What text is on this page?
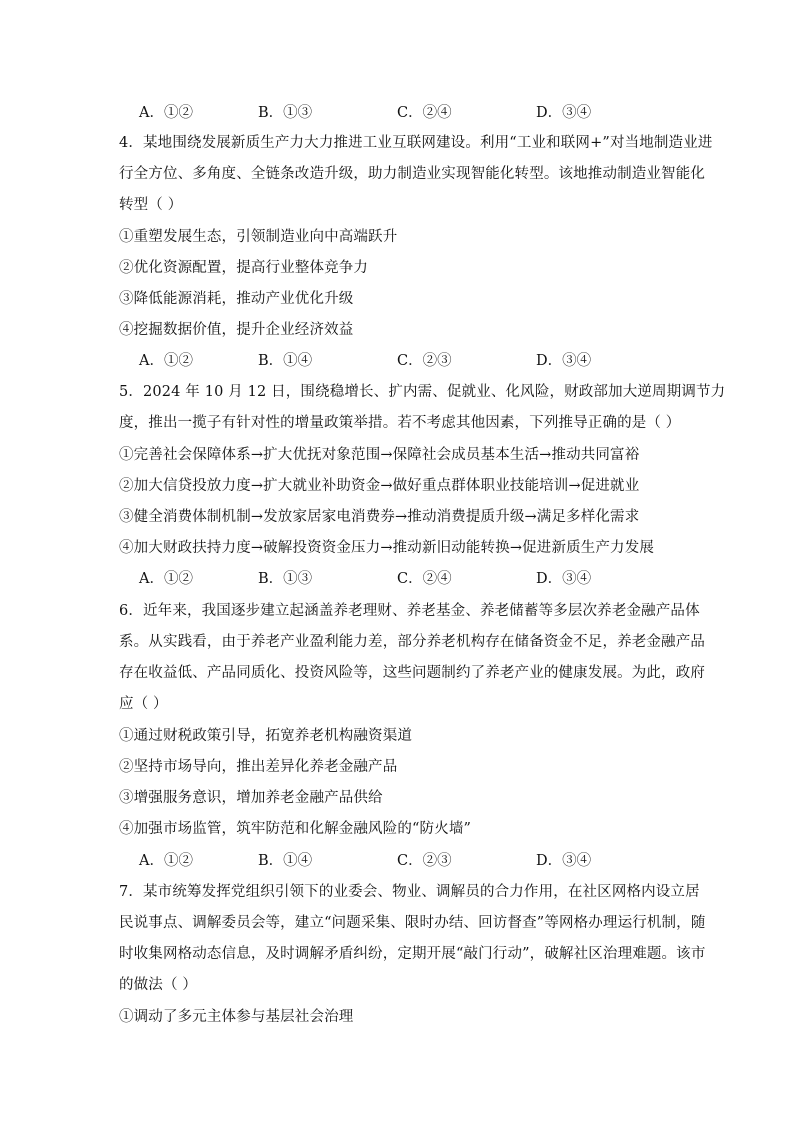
A．①②	B．①③	C．②④	D．③④
4．某地围绕发展新质生产力大力推进工业互联网建设。利用“工业和联网+”对当地制造业进
行全方位、多角度、全链条改造升级，助力制造业实现智能化转型。该地推动制造业智能化
转型（ ）
①重塑发展生态，引领制造业向中高端跃升
②优化资源配置，提高行业整体竞争力
③降低能源消耗，推动产业优化升级
④挖掘数据价值，提升企业经济效益
A．①②	B．①④	C．②③	D．③④
5．2024 年 10 月 12 日，围绕稳增长、扩内需、促就业、化风险，财政部加大逆周期调节力
度，推出一揽子有针对性的增量政策举措。若不考虑其他因素，下列推导正确的是（ ）
①完善社会保障体系→扩大优抚对象范围→保障社会成员基本生活→推动共同富裕
②加大信贷投放力度→扩大就业补助资金→做好重点群体职业技能培训→促进就业
③健全消费体制机制→发放家居家电消费券→推动消费提质升级→满足多样化需求
④加大财政扶持力度→破解投资资金压力→推动新旧动能转换→促进新质生产力发展
A．①②	B．①③	C．②④	D．③④
6．近年来，我国逐步建立起涵盖养老理财、养老基金、养老储蓄等多层次养老金融产品体
系。从实践看，由于养老产业盈利能力差，部分养老机构存在储备资金不足，养老金融产品
存在收益低、产品同质化、投资风险等，这些问题制约了养老产业的健康发展。为此，政府
应（ ）
①通过财税政策引导，拓宽养老机构融资渠道
②坚持市场导向，推出差异化养老金融产品
③增强服务意识，增加养老金融产品供给
④加强市场监管，筑牢防范和化解金融风险的“防火墙”
A．①②	B．①④	C．②③	D．③④
7．某市统筹发挥党组织引领下的业委会、物业、调解员的合力作用，在社区网格内设立居
民说事点、调解委员会等，建立“问题采集、限时办结、回访督查”等网格办理运行机制，随
时收集网格动态信息，及时调解矛盾纠纷，定期开展“敲门行动”，破解社区治理难题。该市
的做法（ ）
①调动了多元主体参与基层社会治理
